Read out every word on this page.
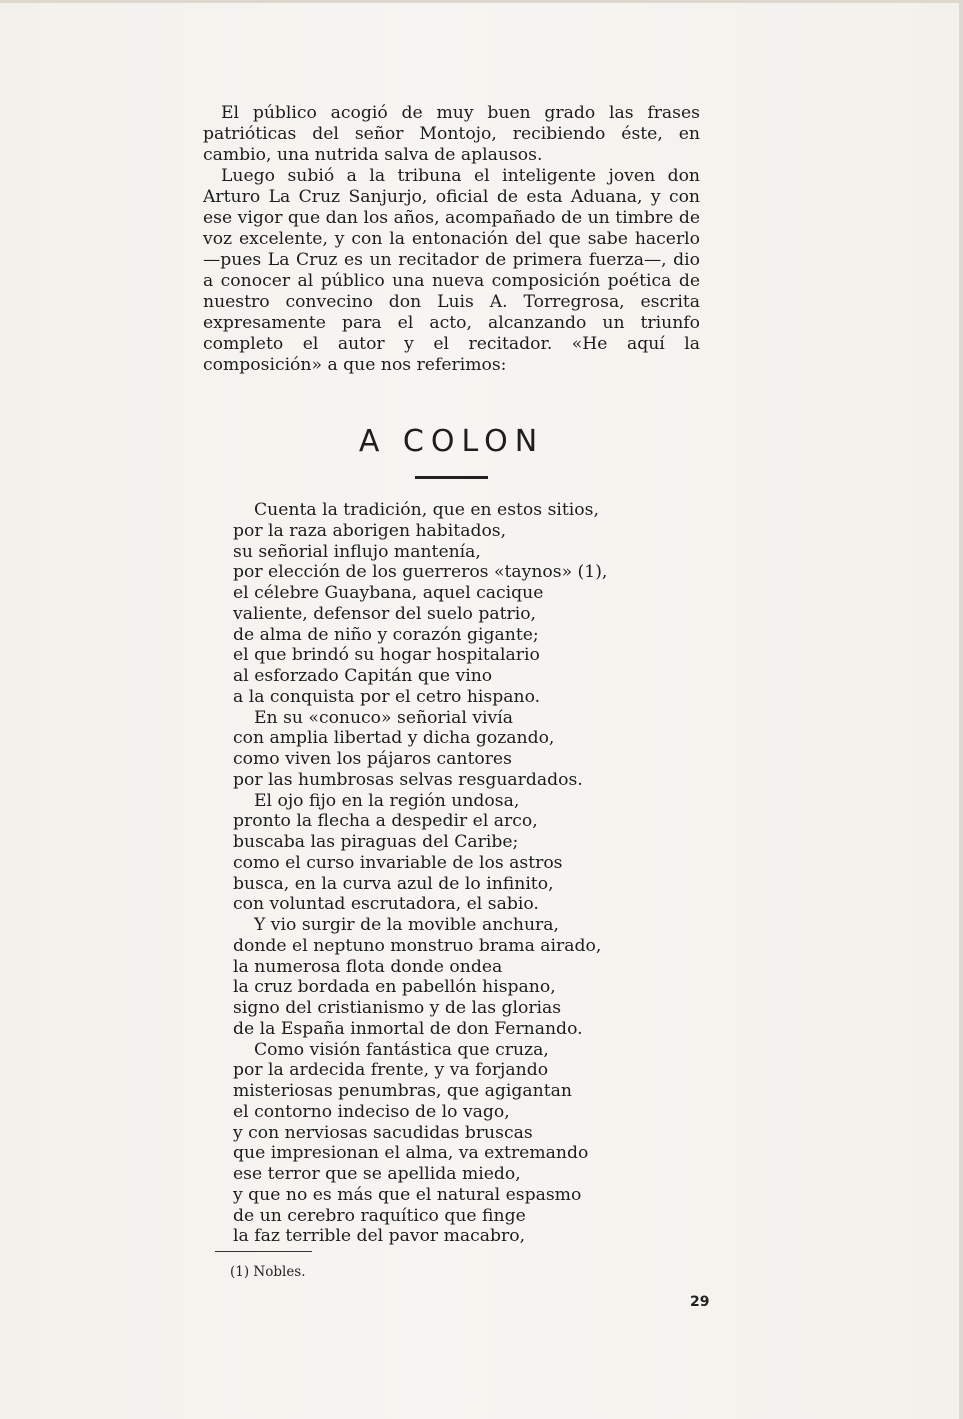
El público acogió de muy buen grado las frases patrióticas del señor Montojo, recibiendo éste, en cambio, una nutrida salva de aplausos.

Luego subió a la tribuna el inteligente joven don Arturo La Cruz Sanjurjo, oficial de esta Aduana, y con ese vigor que dan los años, acompañado de un timbre de voz excelente, y con la entonación del que sabe hacerlo —pues La Cruz es un recitador de primera fuerza—, dio a conocer al público una nueva composición poética de nuestro convecino don Luis A. Torregrosa, escrita expresamente para el acto, alcanzando un triunfo completo el autor y el recitador. «He aquí la composición» a que nos referimos:

A COLON
Cuenta la tradición, que en estos sitios,
por la raza aborigen habitados,
su señorial influjo mantenía,
por elección de los guerreros «taynos» (1),
el célebre Guaybana, aquel cacique
valiente, defensor del suelo patrio,
de alma de niño y corazón gigante;
el que brindó su hogar hospitalario
al esforzado Capitán que vino
a la conquista por el cetro hispano.
En su «conuco» señorial vivía
con amplia libertad y dicha gozando,
como viven los pájaros cantores
por las humbrosas selvas resguardados.
El ojo fijo en la región undosa,
pronto la flecha a despedir el arco,
buscaba las piraguas del Caribe;
como el curso invariable de los astros
busca, en la curva azul de lo infinito,
con voluntad escrutadora, el sabio.
Y vio surgir de la movible anchura,
donde el neptuno monstruo brama airado,
la numerosa flota donde ondea
la cruz bordada en pabellón hispano,
signo del cristianismo y de las glorias
de la España inmortal de don Fernando.
Como visión fantástica que cruza,
por la ardecida frente, y va forjando
misteriosas penumbras, que agigantan
el contorno indeciso de lo vago,
y con nerviosas sacudidas bruscas
que impresionan el alma, va extremando
ese terror que se apellida miedo,
y que no es más que el natural espasmo
de un cerebro raquítico que finge
la faz terrible del pavor macabro,
(1) Nobles.
29
